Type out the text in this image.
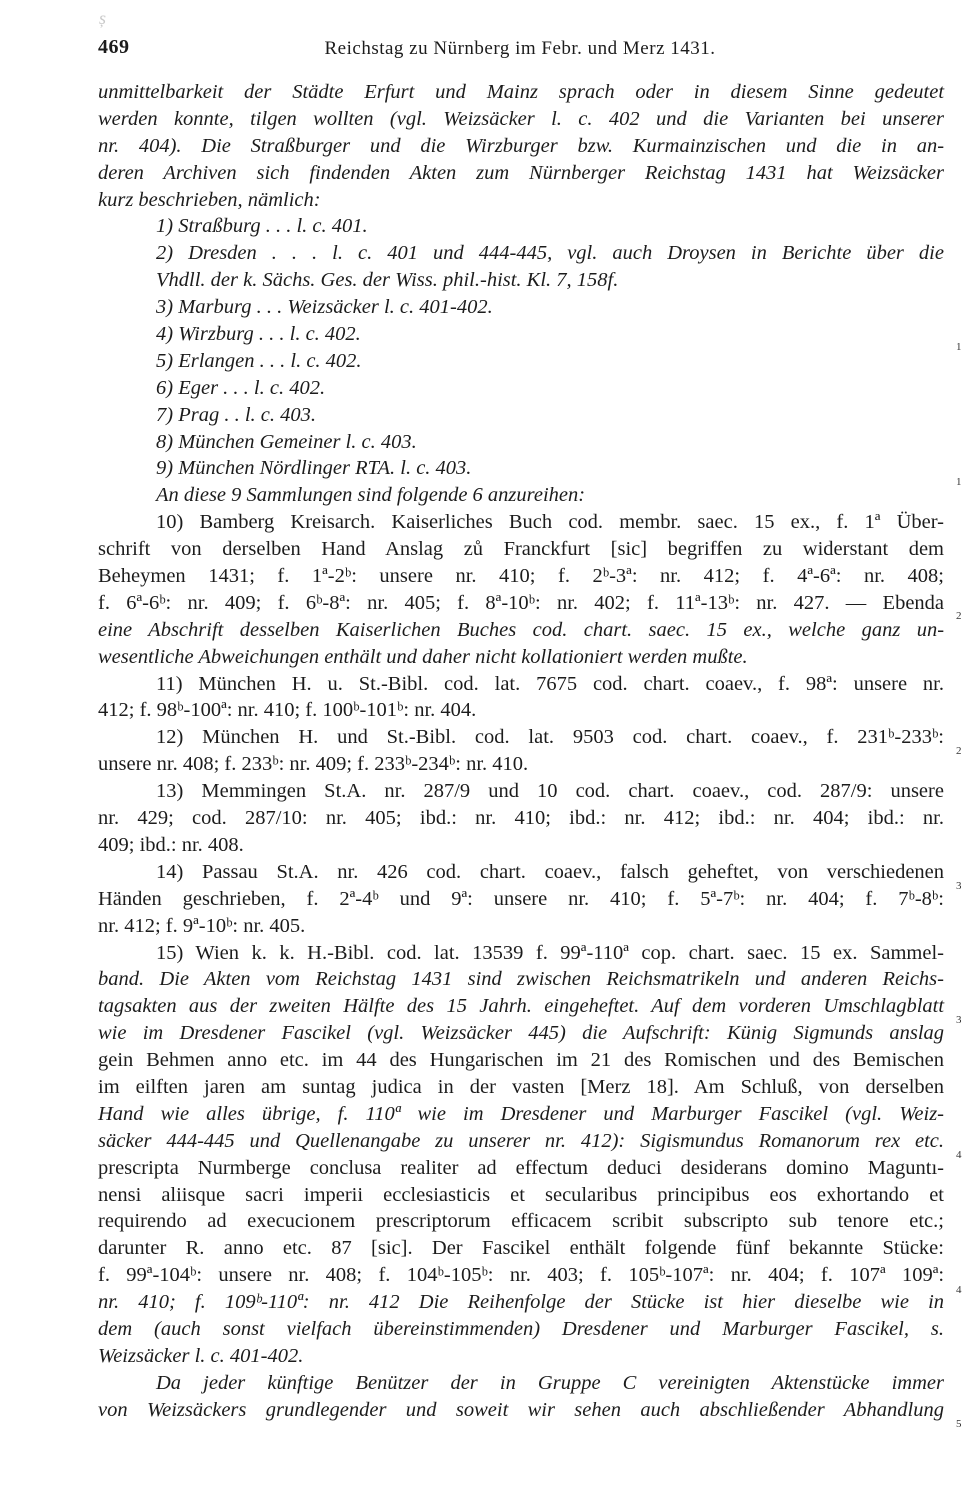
ș
469	Reichstag zu Nürnberg im Febr. und Merz 1431.
unmittelbarkeit der Städte Erfurt und Mainz sprach oder in diesem Sinne gedeutet
werden konnte, tilgen wollten (vgl. Weizsäcker l. c. 402 und die Varianten bei unserer
nr. 404). Die Straßburger und die Wirzburger bzw. Kurmainzischen und die in an-
deren Archiven sich findenden Akten zum Nürnberger Reichstag 1431 hat Weizsäcker
kurz beschrieben, nämlich:
1) Straßburg . . . l. c. 401.
2) Dresden . . . l. c. 401 und 444-445, vgl. auch Droysen in Berichte über die
Vhdll. der k. Sächs. Ges. der Wiss. phil.-hist. Kl. 7, 158f.
3) Marburg . . . Weizsäcker l. c. 401-402.
4) Wirzburg . . . l. c. 402.
5) Erlangen . . . l. c. 402.
6) Eger . . . l. c. 402.
7) Prag . . l. c. 403.
8) München Gemeiner l. c. 403.
9) München Nördlinger RTA. l. c. 403.
An diese 9 Sammlungen sind folgende 6 anzureihen:
10) Bamberg Kreisarch. Kaiserliches Buch cod. membr. saec. 15 ex., f. 1ª Über-
schrift von derselben Hand Anslag zů Franckfurt [sic] begriffen zu widerstant dem
Beheymen 1431; f. 1ª-2ᵇ: unsere nr. 410; f. 2ᵇ-3ª: nr. 412; f. 4ª-6ª: nr. 408;
f. 6ª-6ᵇ: nr. 409; f. 6ᵇ-8ª: nr. 405; f. 8ª-10ᵇ: nr. 402; f. 11ª-13ᵇ: nr. 427. — Ebenda
eine Abschrift desselben Kaiserlichen Buches cod. chart. saec. 15 ex., welche ganz un-
wesentliche Abweichungen enthält und daher nicht kollationiert werden mußte.
11) München H. u. St.-Bibl. cod. lat. 7675 cod. chart. coaev., f. 98ª: unsere nr.
412; f. 98ᵇ-100ª: nr. 410; f. 100ᵇ-101ᵇ: nr. 404.
12) München H. und St.-Bibl. cod. lat. 9503 cod. chart. coaev., f. 231ᵇ-233ᵇ:
unsere nr. 408; f. 233ᵇ: nr. 409; f. 233ᵇ-234ᵇ: nr. 410.
13) Memmingen St.A. nr. 287/9 und 10 cod. chart. coaev., cod. 287/9: unsere
nr. 429; cod. 287/10: nr. 405; ibd.: nr. 410; ibd.: nr. 412; ibd.: nr. 404; ibd.: nr.
409; ibd.: nr. 408.
14) Passau St.A. nr. 426 cod. chart. coaev., falsch geheftet, von verschiedenen
Händen geschrieben, f. 2ª-4ᵇ und 9ª: unsere nr. 410; f. 5ª-7ᵇ: nr. 404; f. 7ᵇ-8ᵇ:
nr. 412; f. 9ª-10ᵇ: nr. 405.
15) Wien k. k. H.-Bibl. cod. lat. 13539 f. 99ª-110ª cop. chart. saec. 15 ex. Sammel-
band. Die Akten vom Reichstag 1431 sind zwischen Reichsmatrikeln und anderen Reichs-
tagsakten aus der zweiten Hälfte des 15 Jahrh. eingeheftet. Auf dem vorderen Umschlagblatt
wie im Dresdener Fascikel (vgl. Weizsäcker 445) die Aufschrift: Künig Sigmunds anslag
gein Behmen anno etc. im 44 des Hungarischen im 21 des Romischen und des Bemischen
im eilften jaren am suntag judica in der vasten [Merz 18]. Am Schluß, von derselben
Hand wie alles übrige, f. 110ª wie im Dresdener und Marburger Fascikel (vgl. Weiz-
säcker 444-445 und Quellenangabe zu unserer nr. 412): Sigismundus Romanorum rex etc.
prescripta Nurmberge conclusa realiter ad effectum deduci desiderans domino Maguntı-
nensi aliisque sacri imperii ecclesiasticis et secularibus principibus eos exhortando et
requirendo ad execucionem prescriptorum efficacem scribit subscripto sub tenore etc.;
darunter R. anno etc. 87 [sic]. Der Fascikel enthält folgende fünf bekannte Stücke:
f. 99ª-104ᵇ: unsere nr. 408; f. 104ᵇ-105ᵇ: nr. 403; f. 105ᵇ-107ª: nr. 404; f. 107ª 109ª:
nr. 410; f. 109ᵇ-110ª: nr. 412 Die Reihenfolge der Stücke ist hier dieselbe wie in
dem (auch sonst vielfach übereinstimmenden) Dresdener und Marburger Fascikel, s.
Weizsäcker l. c. 401-402.
Da jeder künftige Benützer der in Gruppe C vereinigten Aktenstücke immer
von Weizsäckers grundlegender und soweit wir sehen auch abschließender Abhandlung
1
1
2
2
3
3
4
4
5
